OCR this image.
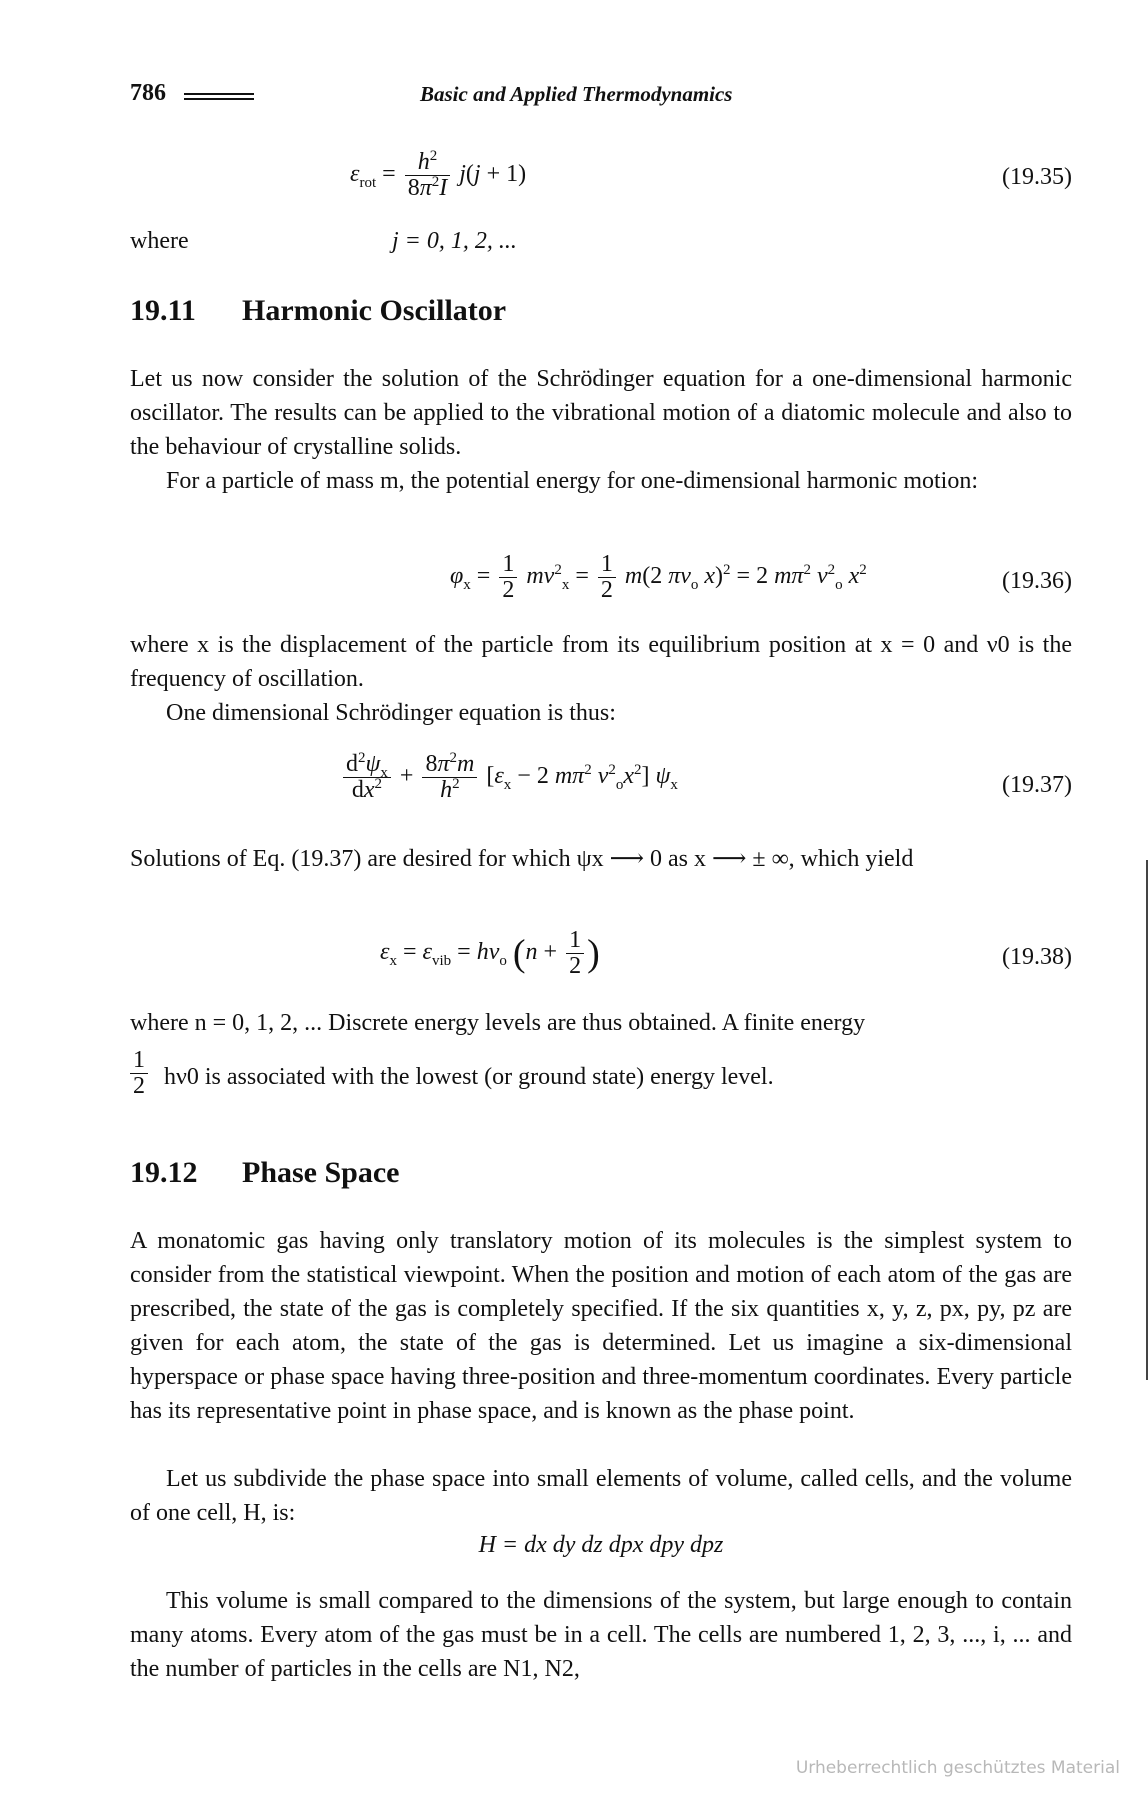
786	Basic and Applied Thermodynamics
$\varepsilon_{rot} = \frac{h^2}{8\pi^2I} j(j + 1)$	(19.35)
where	j = 0, 1, 2, ...
19.11 Harmonic Oscillator

Let us now consider the solution of the Schrödinger equation for a one-dimensional harmonic oscillator. The results can be applied to the vibrational motion of a diatomic molecule and also to the behaviour of crystalline solids.

For a particle of mass m, the potential energy for one-dimensional harmonic motion:

$\varphi_x = \frac{1}{2} mv^2_x = \frac{1}{2} m(2$ $\pi\nu_o$ x)$^2$ = 2 $m\pi^2$ $\nu^2_o$ $x^2$	(19.36)

where x is the displacement of the particle from its equilibrium position at x = 0 and ν0 is the frequency of oscillation.

One dimensional Schrödinger equation is thus:

$\frac{d^2\psi_x}{dx^2} + \frac{8\pi^2m}{h^2} [\varepsilon_x - 2$ $m\pi^2$ $\nu^2_ox^2$] $\psi_x$	(19.37)

Solutions of Eq. (19.37) are desired for which ψx ⟶ 0 as x ⟶ ± ∞, which yield

$\varepsilon_x = \varepsilon_{vib} = h\nu_o$ ($n + \frac{1}{2}$ )	(19.38)

where n = 0, 1, 2, ... Discrete energy levels are thus obtained. A finite energy

$\frac{1}{2} h\nu 0$ is associated with the lowest (or ground state) energy level.
19.12 Phase Space

A monatomic gas having only translatory motion of its molecules is the simplest system to consider from the statistical viewpoint. When the position and motion of each atom of the gas are prescribed, the state of the gas is completely specified. If the six quantities x, y, z, px, py, pz are given for each atom, the state of the gas is determined. Let us imagine a six-dimensional hyperspace or phase space having three-position and three-momentum coordinates. Every particle has its representative point in phase space, and is known as the phase point.

Let us subdivide the phase space into small elements of volume, called cells, and the volume of one cell, H, is:

H = dx dy dz dpx dpy dpz

This volume is small compared to the dimensions of the system, but large enough to contain many atoms. Every atom of the gas must be in a cell. The cells are numbered 1, 2, 3, ..., i, ... and the number of particles in the cells are N1, N2,

Urheberrechtlich geschütztes Material
